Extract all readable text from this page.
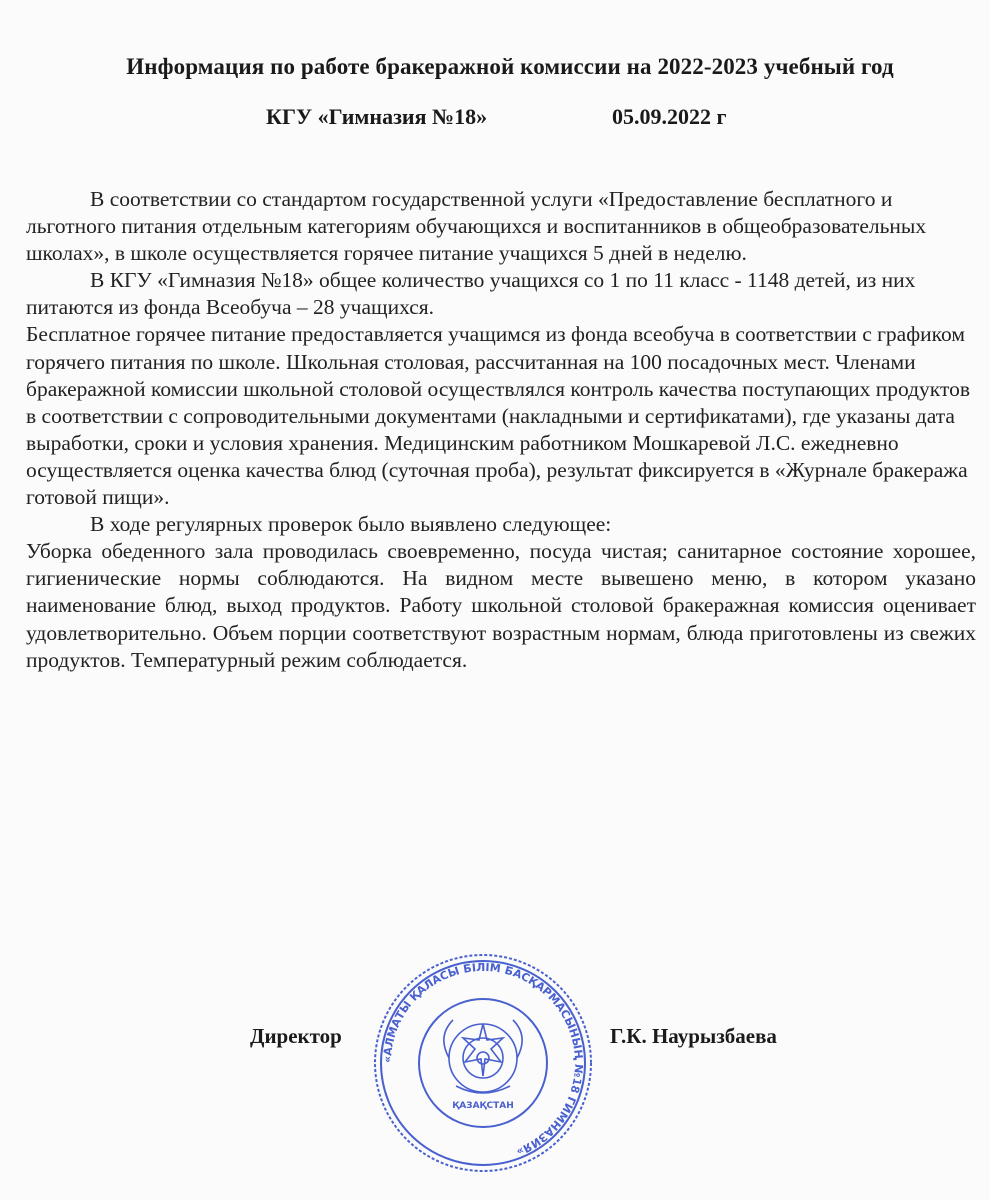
Информация по работе бракеражной комиссии на 2022-2023 учебный год
КГУ «Гимназия №18»	05.09.2022 г

В соответствии со стандартом государственной услуги «Предоставление бесплатного и льготного питания отдельным категориям обучающихся и воспитанников в общеобразовательных школах», в школе осуществляется горячее питание учащихся 5 дней в неделю.

В КГУ «Гимназия №18» общее количество учащихся со 1 по 11 класс - 1148 детей, из них питаются из фонда Всеобуча – 28 учащихся.

Бесплатное горячее питание предоставляется учащимся из фонда всеобуча в соответствии с графиком горячего питания по школе. Школьная столовая, рассчитанная на 100 посадочных мест. Членами бракеражной комиссии школьной столовой осуществлялся контроль качества поступающих продуктов в соответствии с сопроводительными документами (накладными и сертификатами), где указаны дата выработки, сроки и условия хранения. Медицинским работником Мошкаревой Л.С. ежедневно осуществляется оценка качества блюд (суточная проба), результат фиксируется в «Журнале бракеража готовой пищи».

В ходе регулярных проверок было выявлено следующее:

Уборка обеденного зала проводилась своевременно, посуда чистая; санитарное состояние хорошее, гигиенические нормы соблюдаются. На видном месте вывешено меню, в котором указано наименование блюд, выход продуктов. Работу школьной столовой бракеражная комиссия оценивает удовлетворительно. Объем порции соответствуют возрастным нормам, блюда приготовлены из свежих продуктов. Температурный режим соблюдается.

Директор	Г.К. Наурызбаева
«АЛМАТЫ ҚАЛАСЫ БІЛІМ БАСҚАРМАСЫНЫҢ №18 ГИМНАЗИЯ»
ҚАЗАҚСТАН
